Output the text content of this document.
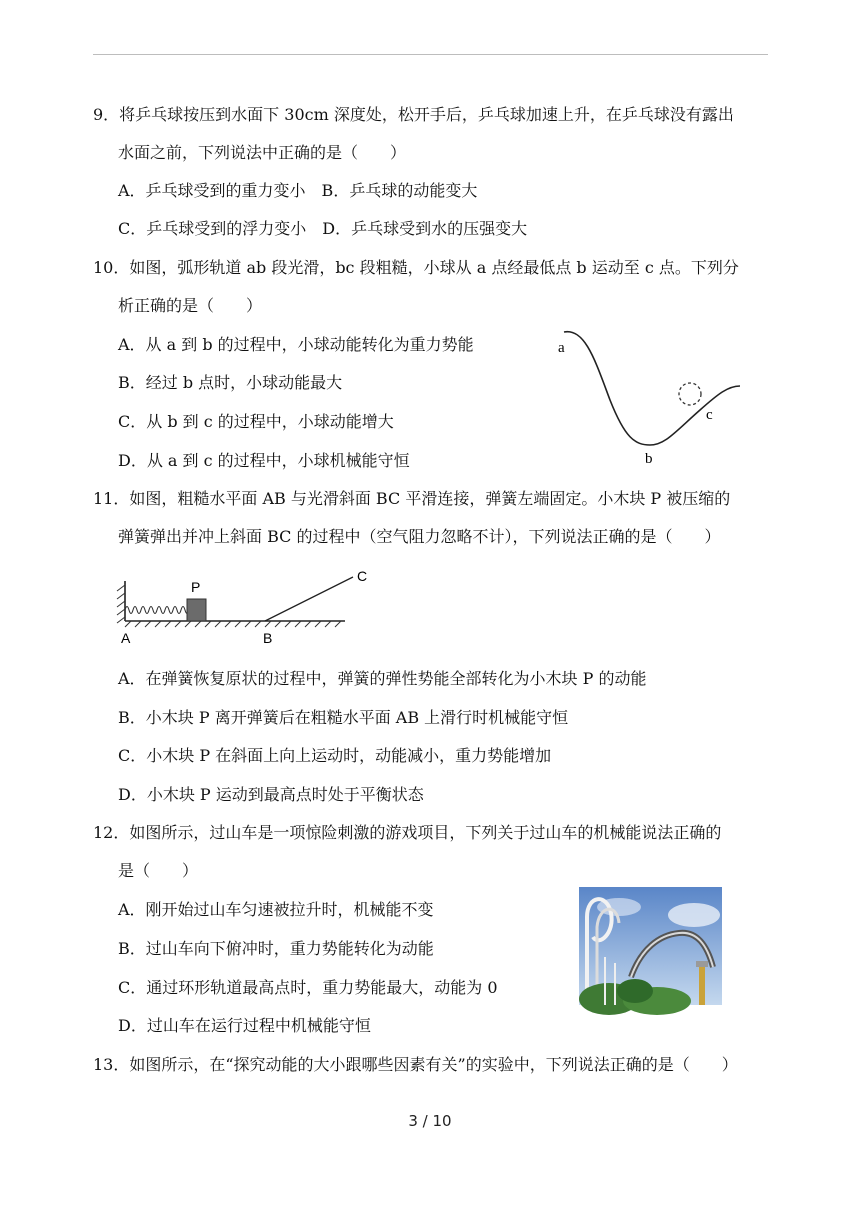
9．将乒乓球按压到水面下 30cm 深度处，松开手后，乒乓球加速上升，在乒乓球没有露出
水面之前，下列说法中正确的是（　　）
A．乒乓球受到的重力变小　B．乒乓球的动能变大
C．乒乓球受到的浮力变小　D．乒乓球受到水的压强变大
10．如图，弧形轨道 ab 段光滑，bc 段粗糙，小球从 a 点经最低点 b 运动至 c 点。下列分
析正确的是（　　）
A．从 a 到 b 的过程中，小球动能转化为重力势能
B．经过 b 点时，小球动能最大
C．从 b 到 c 的过程中，小球动能增大
D．从 a 到 c 的过程中，小球机械能守恒
a
b
c
11．如图，粗糙水平面 AB 与光滑斜面 BC 平滑连接，弹簧左端固定。小木块 P 被压缩的
弹簧弹出并冲上斜面 BC 的过程中（空气阻力忽略不计），下列说法正确的是（　　）
P
A	B
C
A．在弹簧恢复原状的过程中，弹簧的弹性势能全部转化为小木块 P 的动能
B．小木块 P 离开弹簧后在粗糙水平面 AB 上滑行时机械能守恒
C．小木块 P 在斜面上向上运动时，动能减小，重力势能增加
D．小木块 P 运动到最高点时处于平衡状态
12．如图所示，过山车是一项惊险刺激的游戏项目，下列关于过山车的机械能说法正确的
是（　　）
A．刚开始过山车匀速被拉升时，机械能不变
B．过山车向下俯冲时，重力势能转化为动能
C．通过环形轨道最高点时，重力势能最大，动能为 0
D．过山车在运行过程中机械能守恒
13．如图所示，在“探究动能的大小跟哪些因素有关”的实验中，下列说法正确的是（　　）
3 / 10
